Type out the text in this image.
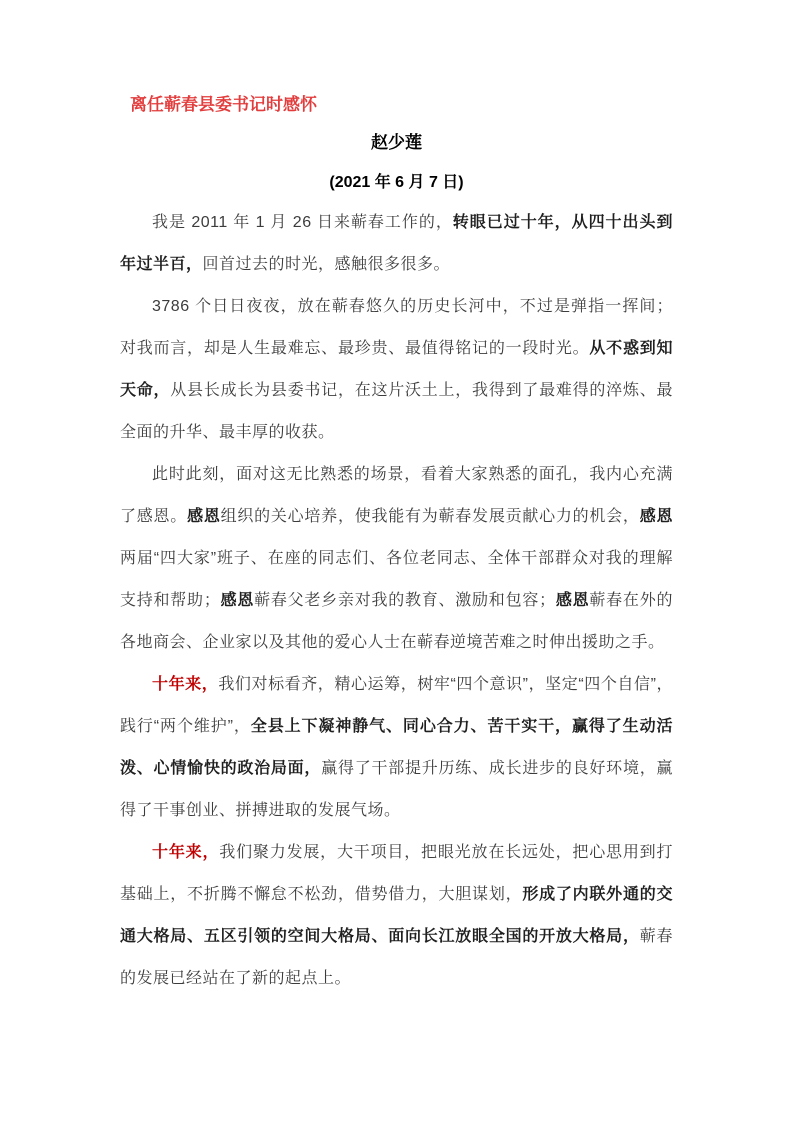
离任蕲春县委书记时感怀
赵少莲
(2021 年 6 月 7 日)

我是 2011 年 1 月 26 日来蕲春工作的，转眼已过十年，从四十出头到年过半百，回首过去的时光，感触很多很多。

3786 个日日夜夜，放在蕲春悠久的历史长河中，不过是弹指一挥间；对我而言，却是人生最难忘、最珍贵、最值得铭记的一段时光。从不惑到知天命，从县长成长为县委书记，在这片沃土上，我得到了最难得的淬炼、最全面的升华、最丰厚的收获。

此时此刻，面对这无比熟悉的场景，看着大家熟悉的面孔，我内心充满了感恩。感恩组织的关心培养，使我能有为蕲春发展贡献心力的机会，感恩两届“四大家”班子、在座的同志们、各位老同志、全体干部群众对我的理解支持和帮助；感恩蕲春父老乡亲对我的教育、激励和包容；感恩蕲春在外的各地商会、企业家以及其他的爱心人士在蕲春逆境苦难之时伸出援助之手。

十年来，我们对标看齐，精心运筹，树牢“四个意识”，坚定“四个自信”，践行“两个维护”，全县上下凝神静气、同心合力、苦干实干，赢得了生动活泼、心情愉快的政治局面，赢得了干部提升历练、成长进步的良好环境，赢得了干事创业、拼搏进取的发展气场。

十年来，我们聚力发展，大干项目，把眼光放在长远处，把心思用到打基础上，不折腾不懈怠不松劲，借势借力，大胆谋划，形成了内联外通的交通大格局、五区引领的空间大格局、面向长江放眼全国的开放大格局，蕲春的发展已经站在了新的起点上。
